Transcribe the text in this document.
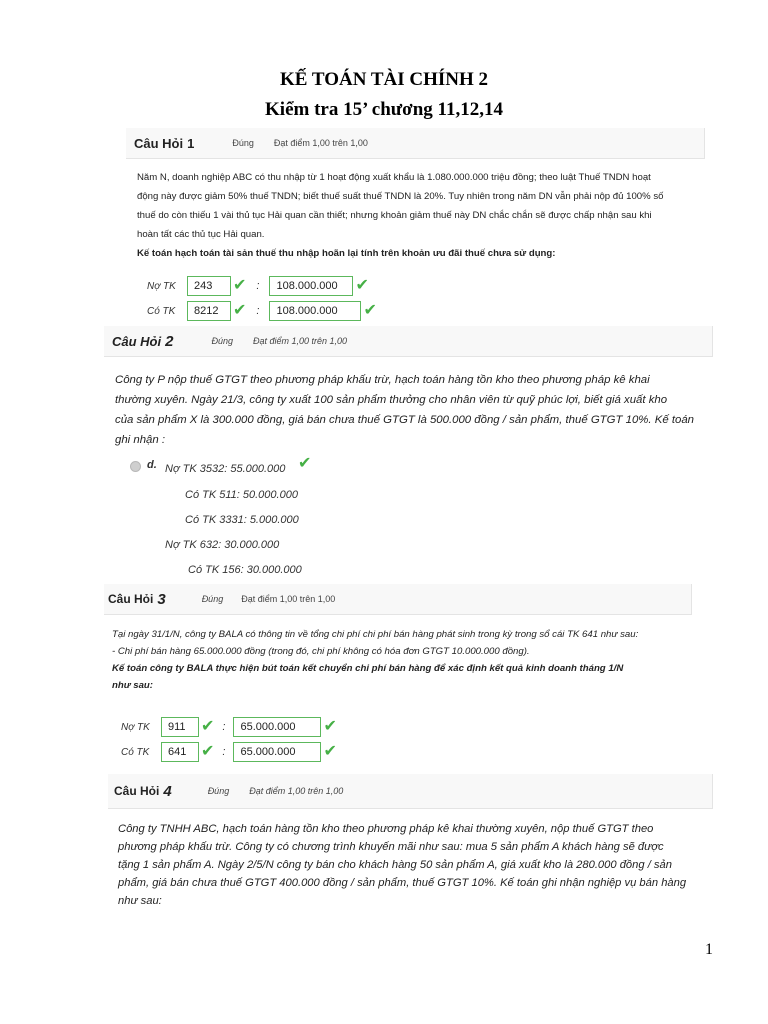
KẾ TOÁN TÀI CHÍNH 2
Kiểm tra 15’ chương 11,12,14
Câu Hỏi 1	Đúng Đạt điểm 1,00 trên 1,00
Năm N, doanh nghiệp ABC có thu nhập từ 1 hoạt động xuất khẩu là 1.080.000.000 triệu đồng; theo luật Thuế TNDN hoạt
động này được giảm 50% thuế TNDN; biết thuế suất thuế TNDN là 20%. Tuy nhiên trong năm DN vẫn phải nộp đủ 100% số
thuế do còn thiếu 1 vài thủ tục Hải quan cần thiết; nhưng khoản giảm thuế này DN chắc chắn sẽ được chấp nhận sau khi
hoàn tất các thủ tục Hải quan.
Kế toán hạch toán tài sản thuế thu nhập hoãn lại tính trên khoản ưu đãi thuế chưa sử dụng:
Nợ TK	243	✔ :	108.000.000	✔
Có TK	8212 ✔ :	108.000.000	✔
Câu Hỏi 2	Đúng Đạt điểm 1,00 trên 1,00
Công ty P nộp thuế GTGT theo phương pháp khấu trừ, hạch toán hàng tồn kho theo phương pháp kê khai
thường xuyên. Ngày 21/3, công ty xuất 100 sản phẩm thưởng cho nhân viên từ quỹ phúc lợi, biết giá xuất kho
của sản phẩm X là 300.000 đồng, giá bán chưa thuế GTGT là 500.000 đồng / sản phẩm, thuế GTGT 10%. Kế toán
ghi nhận :
d. Nợ TK 3532: 55.000.000 ✔
Có TK 511: 50.000.000
Có TK 3331: 5.000.000
Nợ TK 632: 30.000.000
Có TK 156: 30.000.000
Câu Hỏi 3	Đúng Đạt điểm 1,00 trên 1,00
Tại ngày 31/1/N, công ty BALA có thông tin về tổng chi phí chi phí bán hàng phát sinh trong kỳ trong sổ cái TK 641 như sau:
- Chi phí bán hàng 65.000.000 đồng (trong đó, chi phí không có hóa đơn GTGT 10.000.000 đồng).
Kế toán công ty BALA thực hiện bút toán kết chuyển chi phí bán hàng để xác định kết quả kinh doanh tháng 1/N
như sau:
Nợ TK	911 ✔ :	65.000.000	✔
Có TK	641 ✔ :	65.000.000	✔
Câu Hỏi 4	Đúng Đạt điểm 1,00 trên 1,00
Công ty TNHH ABC, hạch toán hàng tồn kho theo phương pháp kê khai thường xuyên, nộp thuế GTGT theo
phương pháp khấu trừ. Công ty có chương trình khuyến mãi như sau: mua 5 sản phẩm A khách hàng sẽ được
tặng 1 sản phẩm A. Ngày 2/5/N công ty bán cho khách hàng 50 sản phẩm A, giá xuất kho là 280.000 đồng / sản
phẩm, giá bán chưa thuế GTGT 400.000 đồng / sản phẩm, thuế GTGT 10%. Kế toán ghi nhận nghiệp vụ bán hàng
như sau:
1
